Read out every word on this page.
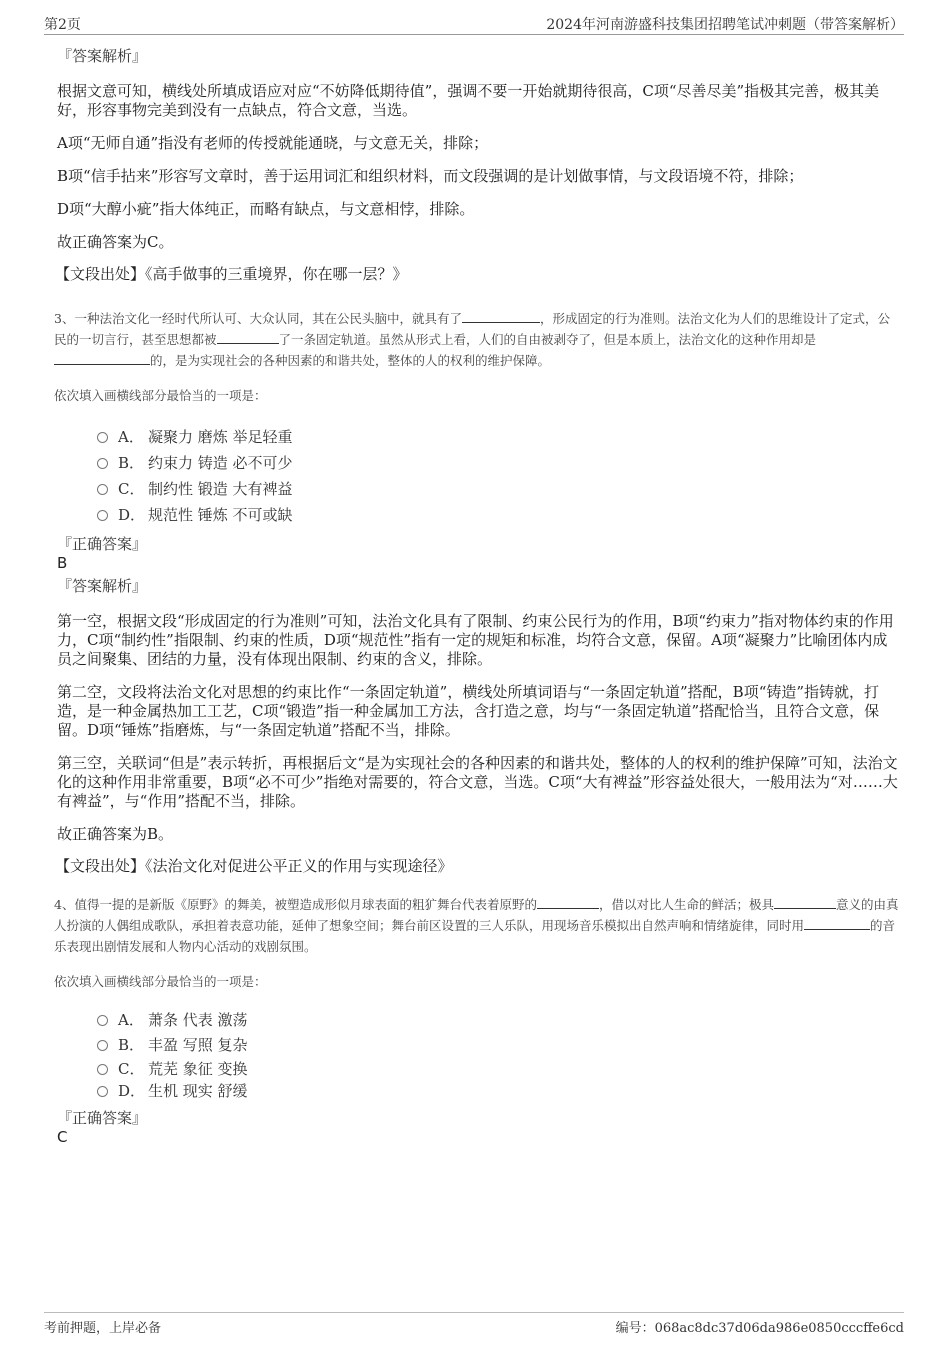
第2页	2024年河南游盛科技集团招聘笔试冲刺题（带答案解析）
『答案解析』

根据文意可知，横线处所填成语应对应“不妨降低期待值”，强调不要一开始就期待很高，C项“尽善尽美”指极其完善，极其美好，形容事物完美到没有一点缺点，符合文意，当选。

A项“无师自通”指没有老师的传授就能通晓，与文意无关，排除；

B项“信手拈来”形容写文章时，善于运用词汇和组织材料，而文段强调的是计划做事情，与文段语境不符，排除；

D项“大醇小疵”指大体纯正，而略有缺点，与文意相悖，排除。

故正确答案为C。

【文段出处】《高手做事的三重境界，你在哪一层？》

3、一种法治文化一经时代所认可、大众认同，其在公民头脑中，就具有了	，形成固定的行为准则。法治文化为人们的思维设计了定式，公民的一切言行，甚至思想都被	了一条固定轨道。虽然从形式上看，人们的自由被剥夺了，但是本质上，法治文化的这种作用却是的，是为实现社会的各种因素的和谐共处，整体的人的权利的维护保障。

依次填入画横线部分最恰当的一项是：

A． 凝聚力 磨炼 举足轻重
B． 约束力 铸造 必不可少
C． 制约性 锻造 大有裨益
D． 规范性 锤炼 不可或缺
『正确答案』
B
『答案解析』

第一空，根据文段“形成固定的行为准则”可知，法治文化具有了限制、约束公民行为的作用，B项“约束力”指对物体约束的作用力，C项“制约性”指限制、约束的性质，D项“规范性”指有一定的规矩和标准，均符合文意，保留。A项“凝聚力”比喻团体内成员之间聚集、团结的力量，没有体现出限制、约束的含义，排除。

第二空，文段将法治文化对思想的约束比作“一条固定轨道”，横线处所填词语与“一条固定轨道”搭配，B项“铸造”指铸就，打造，是一种金属热加工工艺，C项“锻造”指一种金属加工方法，含打造之意，均与“一条固定轨道”搭配恰当，且符合文意，保留。D项“锤炼”指磨炼，与“一条固定轨道”搭配不当，排除。

第三空，关联词“但是”表示转折，再根据后文“是为实现社会的各种因素的和谐共处，整体的人的权利的维护保障”可知，法治文化的这种作用非常重要，B项“必不可少”指绝对需要的，符合文意，当选。C项“大有裨益”形容益处很大，一般用法为“对……大有裨益”，与“作用”搭配不当，排除。

故正确答案为B。

【文段出处】《法治文化对促进公平正义的作用与实现途径》

4、值得一提的是新版《原野》的舞美，被塑造成形似月球表面的粗犷舞台代表着原野的	，借以对比人生命的鲜活；极具	意义的由真人扮演的人偶组成歌队，承担着表意功能，延伸了想象空间；舞台前区设置的三人乐队，用现场音乐模拟出自然声响和情绪旋律，同时用	的音乐表现出剧情发展和人物内心活动的戏剧氛围。

依次填入画横线部分最恰当的一项是：

A． 萧条 代表 激荡
B． 丰盈 写照 复杂
C． 荒芜 象征 变换
D． 生机 现实 舒缓
『正确答案』
C
考前押题，上岸必备	编号：068ac8dc37d06da986e0850cccffe6cd
